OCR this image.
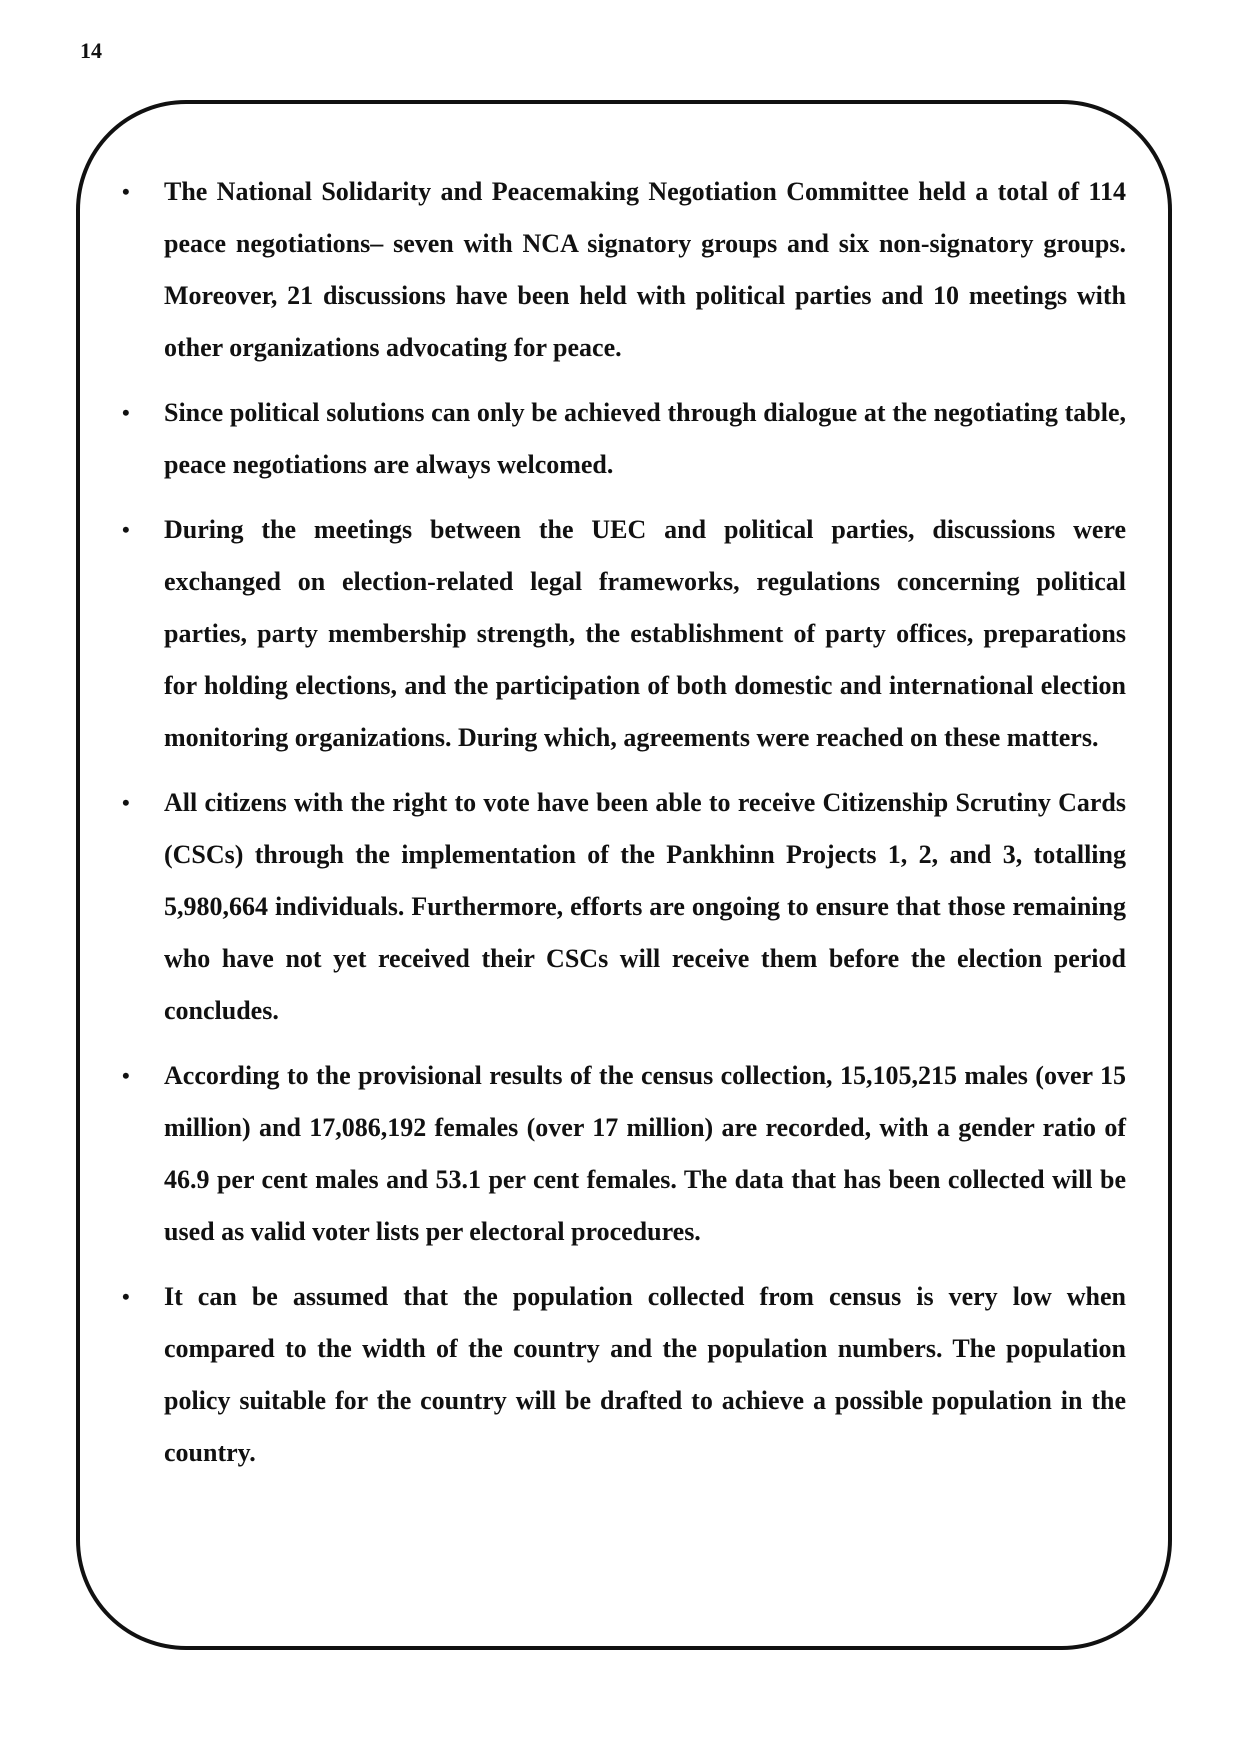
14
• The National Solidarity and Peacemaking Negotiation Committee held a total of 114 peace negotiations– seven with NCA signatory groups and six non-signatory groups. Moreover, 21 discussions have been held with political parties and 10 meetings with other organizations advocating for peace.
• Since political solutions can only be achieved through dialogue at the negotiating table, peace negotiations are always welcomed.
• During the meetings between the UEC and political parties, discussions were exchanged on election-related legal frameworks, regulations concerning political parties, party membership strength, the establishment of party offices, preparations for holding elections, and the participation of both domestic and international election monitoring organizations. During which, agreements were reached on these matters.
• All citizens with the right to vote have been able to receive Citizenship Scrutiny Cards (CSCs) through the implementation of the Pankhinn Projects 1, 2, and 3, totalling 5,980,664 individuals. Furthermore, efforts are ongoing to ensure that those remaining who have not yet received their CSCs will receive them before the election period concludes.
• According to the provisional results of the census collection, 15,105,215 males (over 15 million) and 17,086,192 females (over 17 million) are recorded, with a gender ratio of 46.9 per cent males and 53.1 per cent females. The data that has been collected will be used as valid voter lists per electoral procedures.
• It can be assumed that the population collected from census is very low when compared to the width of the country and the population numbers. The population policy suitable for the country will be drafted to achieve a possible population in the country.
